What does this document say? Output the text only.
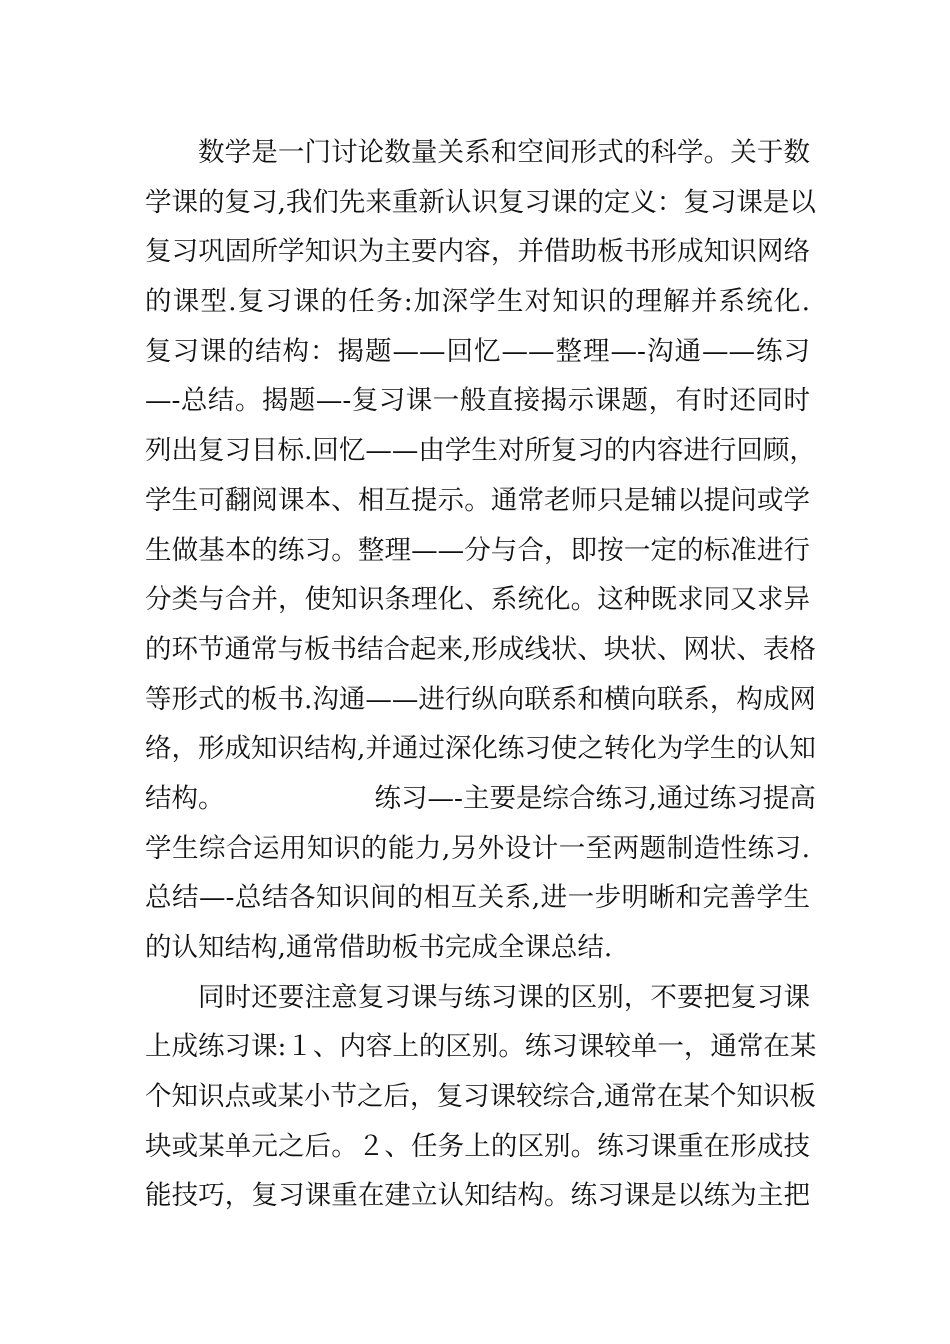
数学是一门讨论数量关系和空间形式的科学。关于数
学课的复习,我们先来重新认识复习课的定义：复习课是以
复习巩固所学知识为主要内容，并借助板书形成知识网络
的课型.复习课的任务:加深学生对知识的理解并系统化.
复习课的结构：揭题——回忆——整理—-沟通——练习
—-总结。揭题—-复习课一般直接揭示课题，有时还同时
列出复习目标.回忆——由学生对所复习的内容进行回顾，
学生可翻阅课本、相互提示。通常老师只是辅以提问或学
生做基本的练习。整理——分与合，即按一定的标准进行
分类与合并，使知识条理化、系统化。这种既求同又求异
的环节通常与板书结合起来,形成线状、块状、网状、表格
等形式的板书.沟通——进行纵向联系和横向联系，构成网
络，形成知识结构,并通过深化练习使之转化为学生的认知
结构。	练习—-主要是综合练习,通过练习提高
学生综合运用知识的能力,另外设计一至两题制造性练习.
总结—-总结各知识间的相互关系,进一步明晰和完善学生
的认知结构,通常借助板书完成全课总结.
同时还要注意复习课与练习课的区别，不要把复习课
上成练习课:１、内容上的区别。练习课较单一，通常在某
个知识点或某小节之后，复习课较综合,通常在某个知识板
块或某单元之后。２、任务上的区别。练习课重在形成技
能技巧，复习课重在建立认知结构。练习课是以练为主把
